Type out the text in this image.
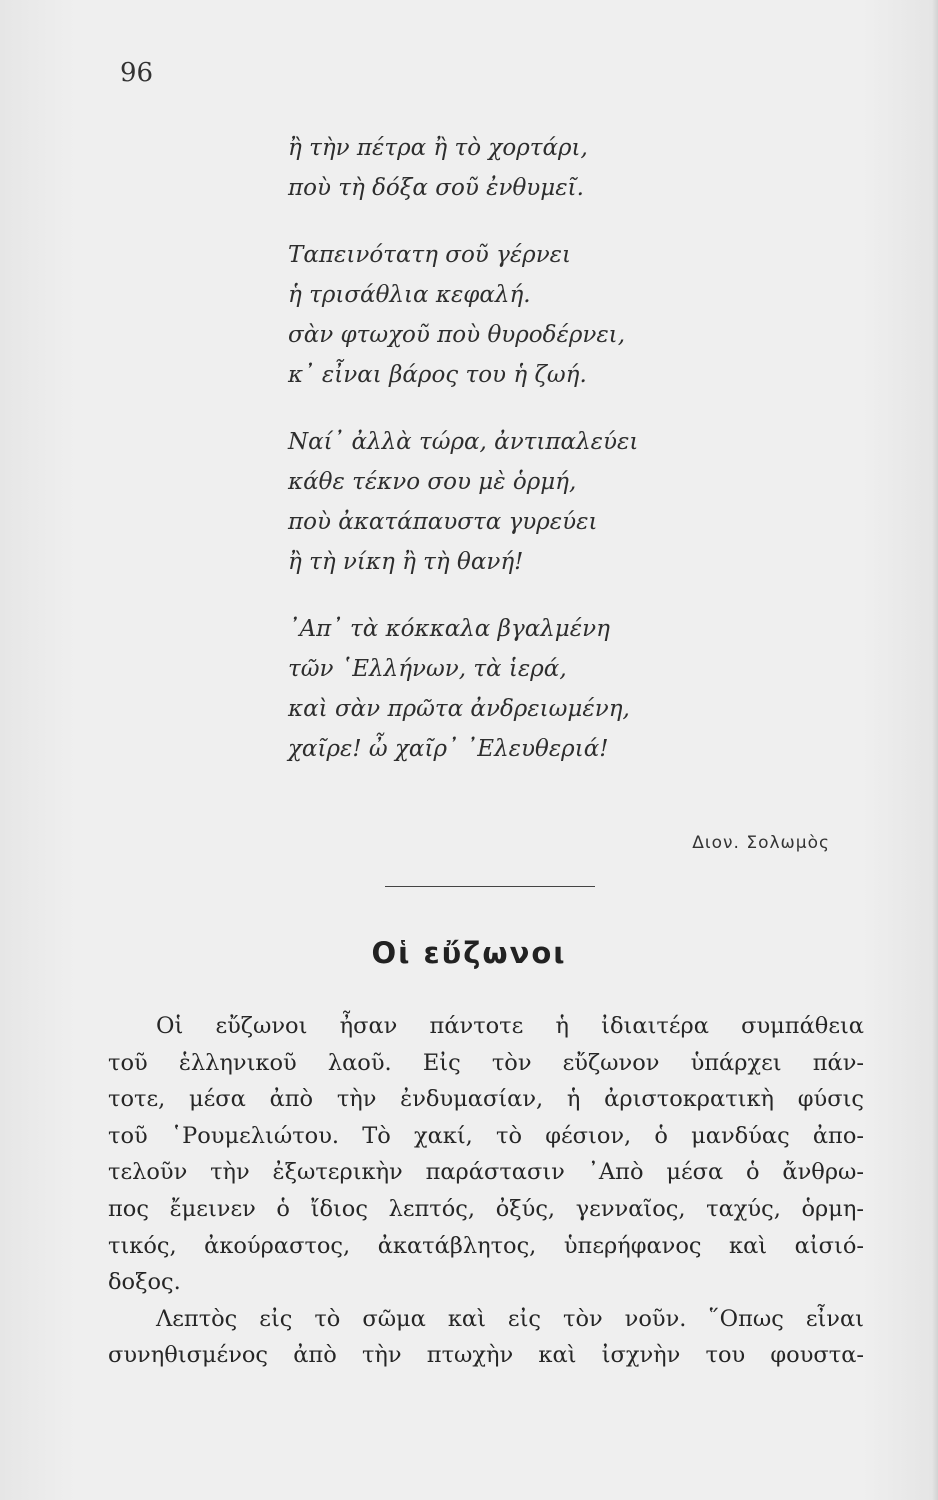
96
ἢ τὴν πέτρα ἢ τὸ χορτάρι,
ποὺ τὴ δόξα σοῦ ἐνθυμεῖ.
Ταπεινότατη σοῦ γέρνει
ἡ τρισάθλια κεφαλή.
σὰν φτωχοῦ ποὺ θυροδέρνει,
κ᾽ εἶναι βάρος του ἡ ζωή.
Ναί᾽ ἀλλὰ τώρα, ἀντιπαλεύει
κάθε τέκνο σου μὲ ὁρμή,
ποὺ ἀκατάπαυστα γυρεύει
ἢ τὴ νίκη ἢ τὴ θανή!
᾿Απ᾽ τὰ κόκκαλα βγαλμένη
τῶν ῾Ελλήνων, τὰ ἱερά,
καὶ σὰν πρῶτα ἀνδρειωμένη,
χαῖρε! ὦ χαῖρ᾽ ᾿Ελευθεριά!
Διον. Σολωμὸς
Οἱ εὔζωνοι
Οἱ εὔζωνοι ἦσαν πάντοτε ἡ ἰδιαιτέρα συμπάθεια
τοῦ ἑλληνικοῦ λαοῦ. Εἰς τὸν εὔζωνον ὑπάρχει πάν-
τοτε, μέσα ἀπὸ τὴν ἐνδυμασίαν, ἡ ἀριστοκρατικὴ φύσις
τοῦ ῾Ρουμελιώτου. Τὸ χακί, τὸ φέσιον, ὁ μανδύας ἀπο-
τελοῦν τὴν ἐξωτερικὴν παράστασιν ᾿Απὸ μέσα ὁ ἄνθρω-
πος ἔμεινεν ὁ ἴδιος λεπτός, ὀξύς, γενναῖος, ταχύς, ὁρμη-
τικός, ἀκούραστος, ἀκατάβλητος, ὑπερήφανος καὶ αἰσιό-
δοξος.
Λεπτὸς εἰς τὸ σῶμα καὶ εἰς τὸν νοῦν. ῞Οπως εἶναι
συνηθισμένος ἀπὸ τὴν πτωχὴν καὶ ἰσχνὴν του φουστα-
